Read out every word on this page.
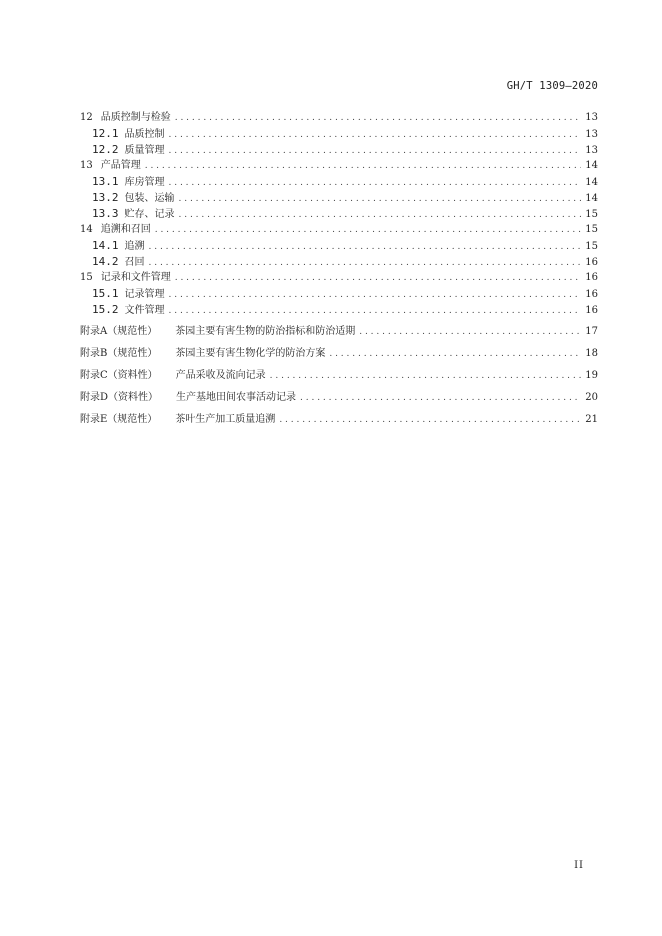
GH/T 1309—2020
12 品质控制与检验 . . .	13
12.1 品质控制 . . .	13
12.2 质量管理 . . .	13
13 产品管理 . . .	14
13.1 库房管理 . . .	14
13.2 包装、运输 . . .	14
13.3 贮存、记录 . . .	15
14 追溯和召回 . . .	15
14.1 追溯 . . .	15
14.2 召回 . . .	16
15 记录和文件管理 . . .	16
15.1 记录管理 . . .	16
15.2 文件管理 . . .	16
附录A（规范性） 茶园主要有害生物的防治指标和防治适期 . . .	17
附录B（规范性） 茶园主要有害生物化学的防治方案 . . .	18
附录C（资料性） 产品采收及流向记录 . . .	19
附录D（资料性） 生产基地田间农事活动记录 . . .	20
附录E（规范性） 茶叶生产加工质量追溯 . . .	21
II
